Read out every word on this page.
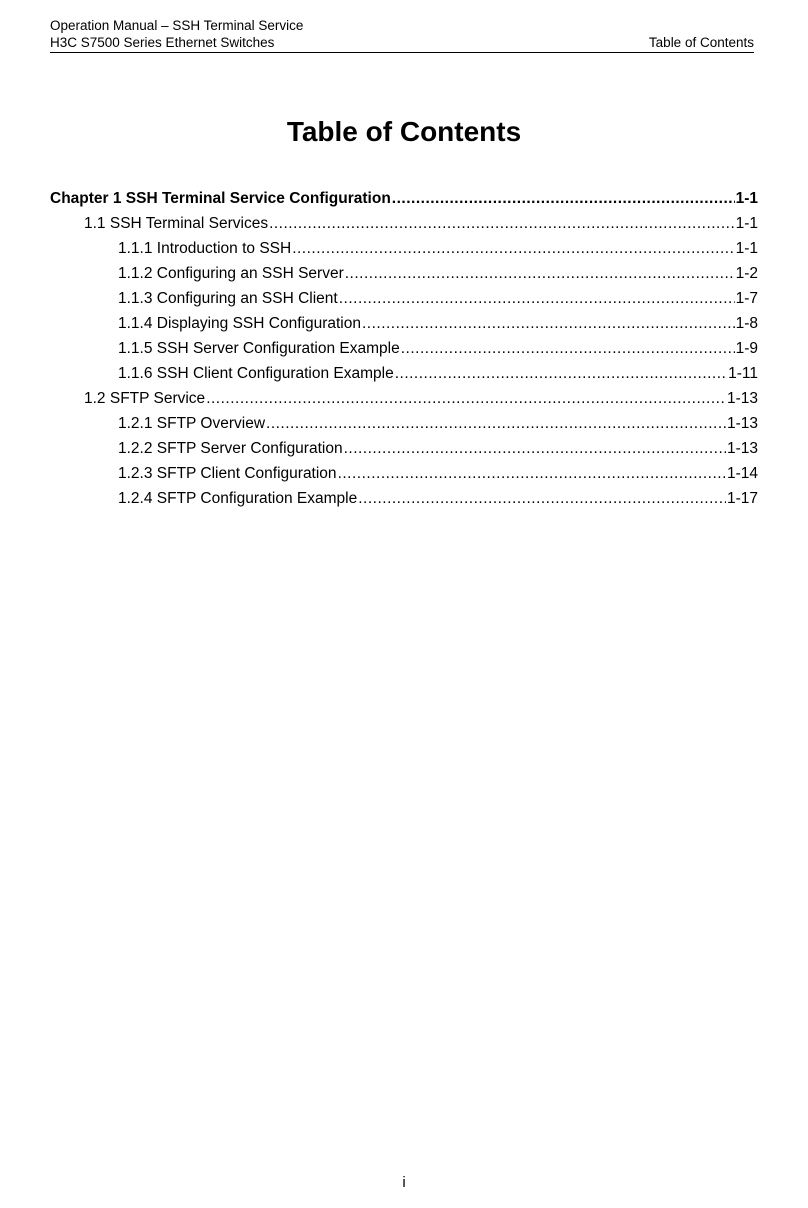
Operation Manual – SSH Terminal Service
H3C S7500 Series Ethernet Switches	Table of Contents
Table of Contents
Chapter 1 SSH Terminal Service Configuration .....	1-1
1.1 SSH Terminal Services .....	1-1
1.1.1 Introduction to SSH .....	1-1
1.1.2 Configuring an SSH Server .....	1-2
1.1.3 Configuring an SSH Client .....	1-7
1.1.4 Displaying SSH Configuration .....	1-8
1.1.5 SSH Server Configuration Example .....	1-9
1.1.6 SSH Client Configuration Example .....	1-11
1.2 SFTP Service .....	1-13
1.2.1 SFTP Overview .....	1-13
1.2.2 SFTP Server Configuration .....	1-13
1.2.3 SFTP Client Configuration .....	1-14
1.2.4 SFTP Configuration Example .....	1-17
i
